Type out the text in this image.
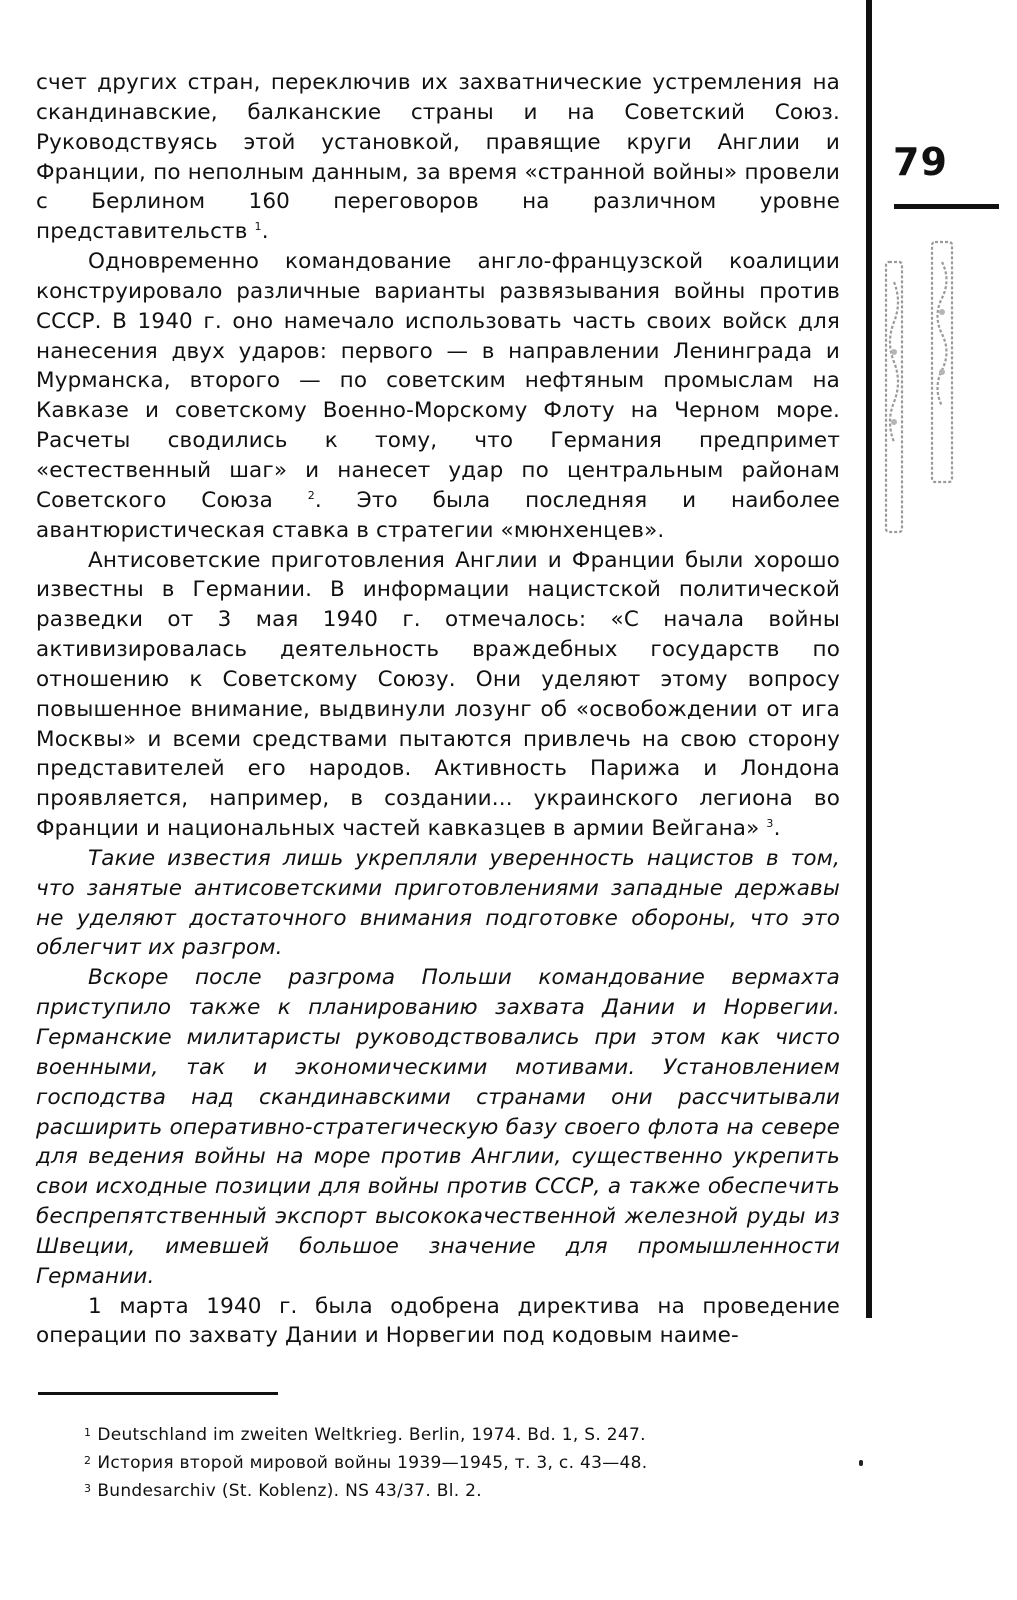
счет других стран, переключив их захватнические устремления на скандинавские, балканские страны и на Советский Союз. Руководствуясь этой установкой, правящие круги Англии и Франции, по неполным данным, за время «странной войны» провели с Берлином 160 переговоров на различном уровне представительств $^1$.

Одновременно командование англо-французской коалиции конструировало различные варианты развязывания войны против СССР. В 1940 г. оно намечало использовать часть своих войск для нанесения двух ударов: первого — в направлении Ленинграда и Мурманска, второго — по советским нефтяным промыслам на Кавказе и советскому Военно-Морскому Флоту на Черном море. Расчеты сводились к тому, что Германия предпримет «естественный шаг» и нанесет удар по центральным районам Советского Союза	$^2$. Это была последняя и наиболее авантюристическая ставка в стратегии «мюнхенцев».

Антисоветские приготовления Англии и Франции были хорошо известны в Германии. В информации нацистской политической разведки от 3 мая 1940 г. отмечалось: «С начала войны активизировалась деятельность враждебных государств по отношению к Советскому Союзу. Они уделяют этому вопросу повышенное внимание, выдвинули лозунг об «освобождении от ига Москвы» и всеми средствами пытаются привлечь на свою сторону представителей его народов. Активность Парижа и Лондона проявляется, например, в создании... украинского легиона во Франции и национальных частей кавказцев в армии Вейгана» $^3$.

Такие известия лишь укрепляли уверенность нацистов в том, что занятые антисоветскими приготовлениями западные державы не уделяют достаточного внимания подготовке обороны, что это облегчит их разгром.

Вскоре после разгрома Польши командование вермахта приступило также к планированию захвата Дании и Норвегии. Германские милитаристы руководствовались при этом как чисто военными, так и экономическими мотивами. Установлением господства над скандинавскими странами они рассчитывали расширить оперативно-стратегическую базу своего флота на севере для ведения войны на море против Англии, существенно укрепить свои исходные позиции для войны против СССР, а также обеспечить беспрепятственный экспорт высококачественной железной руды из Швеции, имевшей большое значение для промышленности Германии.

1 марта 1940 г. была одобрена директива на проведение операции по захвату Дании и Норвегии под кодовым наиме-

79

$^1$ Deutschland im zweiten Weltkrieg. Berlin, 1974. Bd. 1, S. 247.

$^2$ История второй мировой войны 1939—1945, т. 3, с. 43—48.

$^3$ Bundesarchiv (St. Koblenz). NS 43/37. Bl. 2.
